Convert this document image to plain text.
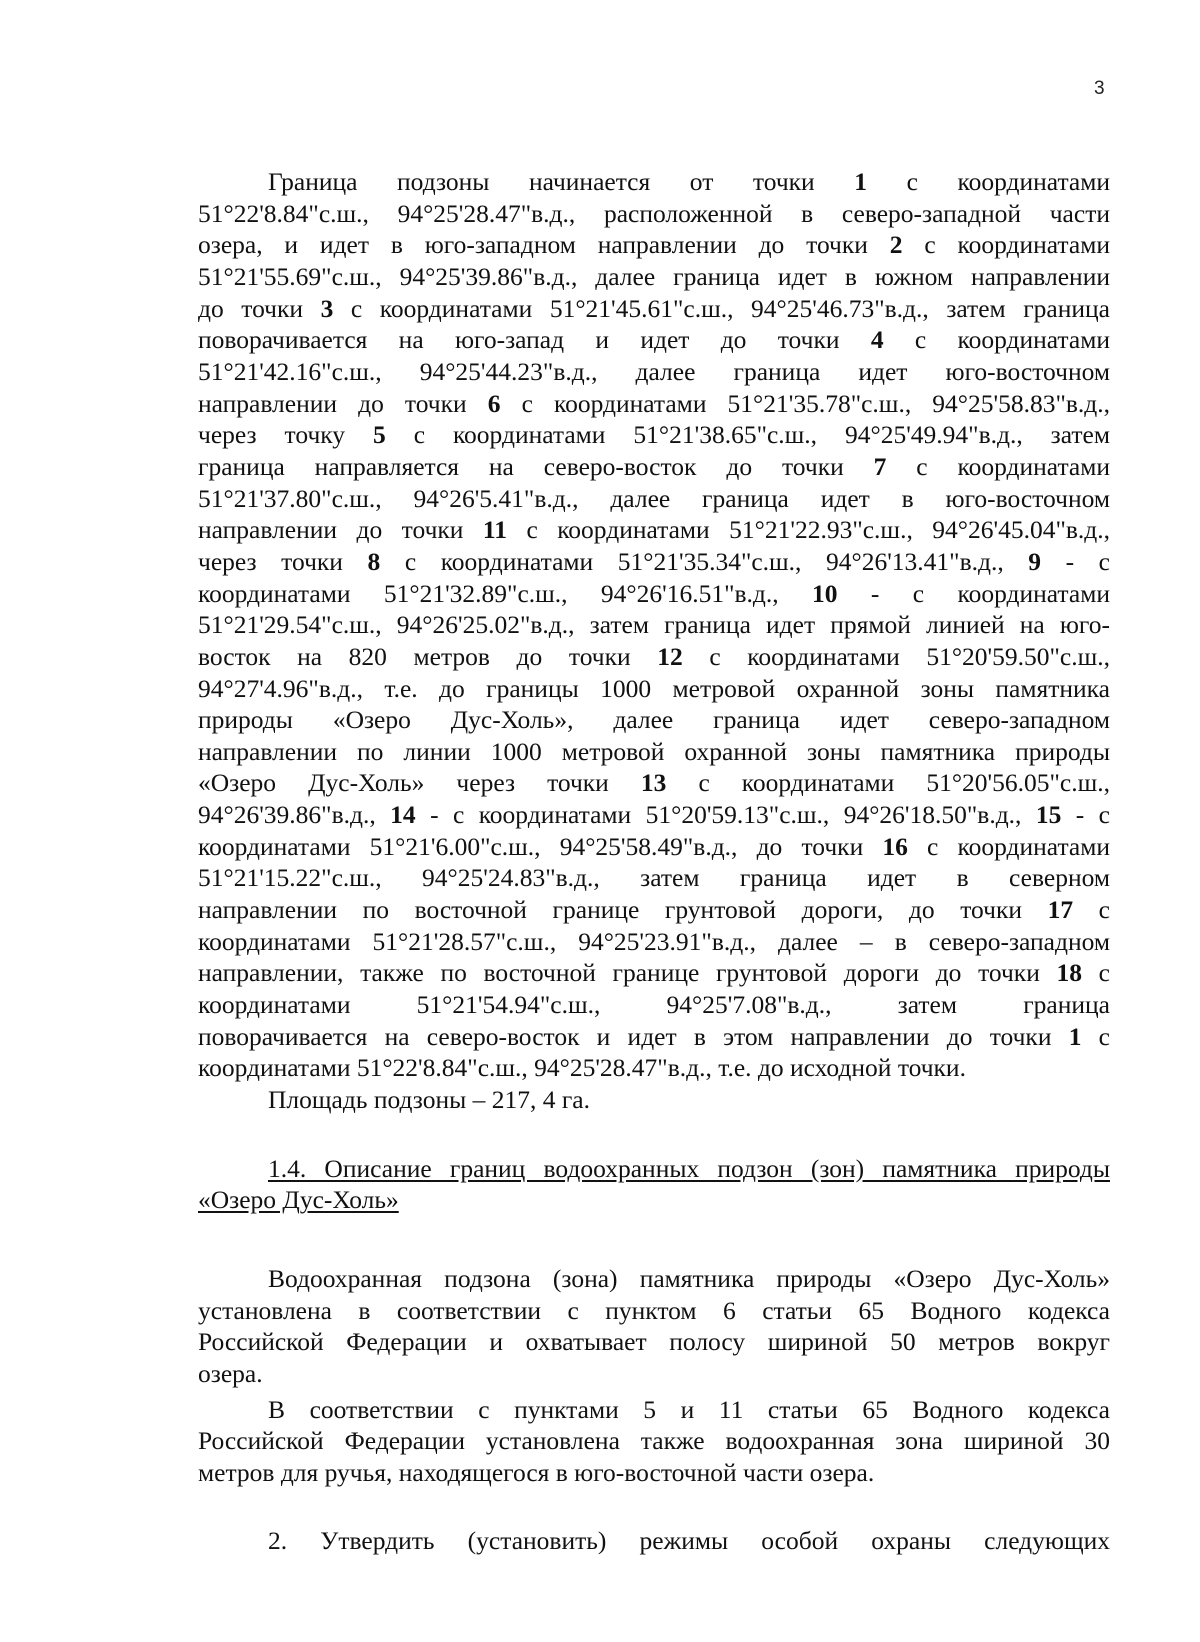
3
Граница подзоны начинается от точки 1 с координатами
51°22'8.84"с.ш., 94°25'28.47"в.д., расположенной в северо-западной части
озера, и идет в юго-западном направлении до точки 2 с координатами
51°21'55.69"с.ш., 94°25'39.86"в.д., далее граница идет в южном направлении
до точки 3 с координатами 51°21'45.61"с.ш., 94°25'46.73"в.д., затем граница
поворачивается на юго-запад и идет до точки 4 с координатами
51°21'42.16"с.ш., 94°25'44.23"в.д., далее граница идет юго-восточном
направлении до точки 6 с координатами 51°21'35.78"с.ш., 94°25'58.83"в.д.,
через точку 5 с координатами 51°21'38.65"с.ш., 94°25'49.94"в.д., затем
граница направляется на северо-восток до точки 7 с координатами
51°21'37.80"с.ш., 94°26'5.41"в.д., далее граница идет в юго-восточном
направлении до точки 11 с координатами 51°21'22.93"с.ш., 94°26'45.04"в.д.,
через точки 8 с координатами 51°21'35.34"с.ш., 94°26'13.41"в.д., 9 - с
координатами 51°21'32.89"с.ш., 94°26'16.51"в.д., 10 - с координатами
51°21'29.54"с.ш., 94°26'25.02"в.д., затем граница идет прямой линией на юго-
восток на 820 метров до точки 12 с координатами 51°20'59.50"с.ш.,
94°27'4.96"в.д., т.е. до границы 1000 метровой охранной зоны памятника
природы «Озеро Дус-Холь», далее граница идет северо-западном
направлении по линии 1000 метровой охранной зоны памятника природы
«Озеро Дус-Холь» через точки 13 с координатами 51°20'56.05"с.ш.,
94°26'39.86"в.д., 14 - с координатами 51°20'59.13"с.ш., 94°26'18.50"в.д., 15 - с
координатами 51°21'6.00"с.ш., 94°25'58.49"в.д., до точки 16 с координатами
51°21'15.22"с.ш., 94°25'24.83"в.д., затем граница идет в северном
направлении по восточной границе грунтовой дороги, до точки 17 с
координатами 51°21'28.57"с.ш., 94°25'23.91"в.д., далее – в северо-западном
направлении, также по восточной границе грунтовой дороги до точки 18 с
координатами 51°21'54.94"с.ш., 94°25'7.08"в.д., затем граница
поворачивается на северо-восток и идет в этом направлении до точки 1 с
координатами 51°22'8.84"с.ш., 94°25'28.47"в.д., т.е. до исходной точки.
Площадь подзоны – 217, 4 га.
1.4. Описание границ водоохранных подзон (зон) памятника природы
«Озеро Дус-Холь»
Водоохранная подзона (зона) памятника природы «Озеро Дус-Холь»
установлена в соответствии с пунктом 6 статьи 65 Водного кодекса
Российской Федерации и охватывает полосу шириной 50 метров вокруг
озера.
В соответствии с пунктами 5 и 11 статьи 65 Водного кодекса
Российской Федерации установлена также водоохранная зона шириной 30
метров для ручья, находящегося в юго-восточной части озера.
2. Утвердить (установить) режимы особой охраны следующих
